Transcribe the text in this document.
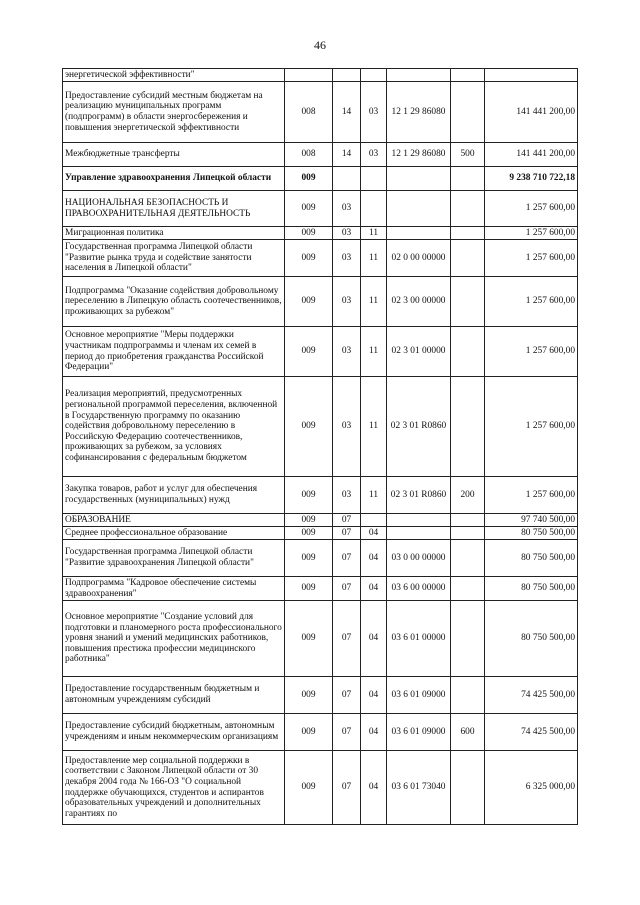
46
энергетической эффективности"						
Предоставление субсидий местным бюджетам на реализацию муниципальных программ (подпрограмм) в области энергосбережения и повышения энергетической эффективности	008	14	03	12 1 29 86080		141 441 200,00
Межбюджетные трансферты	008	14	03	12 1 29 86080	500	141 441 200,00
Управление здравоохранения Липецкой области	009					9 238 710 722,18
НАЦИОНАЛЬНАЯ БЕЗОПАСНОСТЬ И ПРАВООХРАНИТЕЛЬНАЯ ДЕЯТЕЛЬНОСТЬ	009	03				1 257 600,00
Миграционная политика	009	03	11			1 257 600,00
Государственная программа Липецкой области "Развитие рынка труда и содействие занятости населения в Липецкой области"	009	03	11	02 0 00 00000		1 257 600,00
Подпрограмма "Оказание содействия добровольному переселению в Липецкую область соотечественников, проживающих за рубежом"	009	03	11	02 3 00 00000		1 257 600,00
Основное мероприятие "Меры поддержки участникам подпрограммы и членам их семей в период до приобретения гражданства Российской Федерации"	009	03	11	02 3 01 00000		1 257 600,00
Реализация мероприятий, предусмотренных региональной программой переселения, включенной в Государственную программу по оказанию содействия добровольному переселению в Российскую Федерацию соотечественников, проживающих за рубежом, за условиях софинансирования с федеральным бюджетом	009	03	11	02 3 01 R0860		1 257 600,00
Закупка товаров, работ и услуг для обеспечения государственных (муниципальных) нужд	009	03	11	02 3 01 R0860	200	1 257 600,00
ОБРАЗОВАНИЕ	009	07				97 740 500,00
Среднее профессиональное образование	009	07	04			80 750 500,00
Государственная программа Липецкой области "Развитие здравоохранения Липецкой области"	009	07	04	03 0 00 00000		80 750 500,00
Подпрограмма "Кадровое обеспечение системы здравоохранения"	009	07	04	03 6 00 00000		80 750 500,00
Основное мероприятие "Создание условий для подготовки и планомерного роста профессионального уровня знаний и умений медицинских работников, повышения престижа профессии медицинского работника"	009	07	04	03 6 01 00000		80 750 500,00
Предоставление государственным бюджетным и автономным учреждениям субсидий	009	07	04	03 6 01 09000		74 425 500,00
Предоставление субсидий бюджетным, автономным учреждениям и иным некоммерческим организациям	009	07	04	03 6 01 09000	600	74 425 500,00
Предоставление мер социальной поддержки в соответствии с Законом Липецкой области от 30 декабря 2004 года № 166-ОЗ "О социальной поддержке обучающихся, студентов и аспирантов образовательных учреждений и дополнительных гарантиях по	009	07	04	03 6 01 73040		6 325 000,00
